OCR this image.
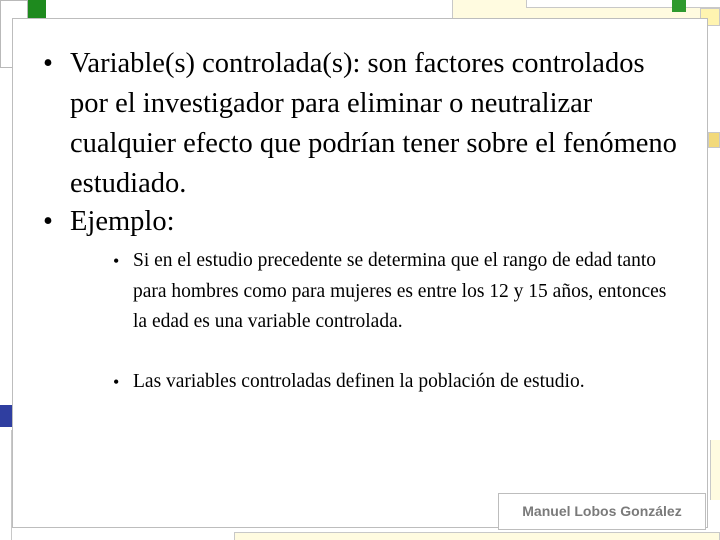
• Variable(s) controlada(s): son factores controlados por el investigador para eliminar o neutralizar cualquier efecto que podrían tener sobre el fenómeno estudiado.
• Ejemplo:
• Si en el estudio precedente se determina que el rango de edad tanto para hombres como para mujeres es entre los 12 y 15 años, entonces la edad es una variable controlada.
• Las variables controladas definen la población de estudio.
Manuel Lobos González
